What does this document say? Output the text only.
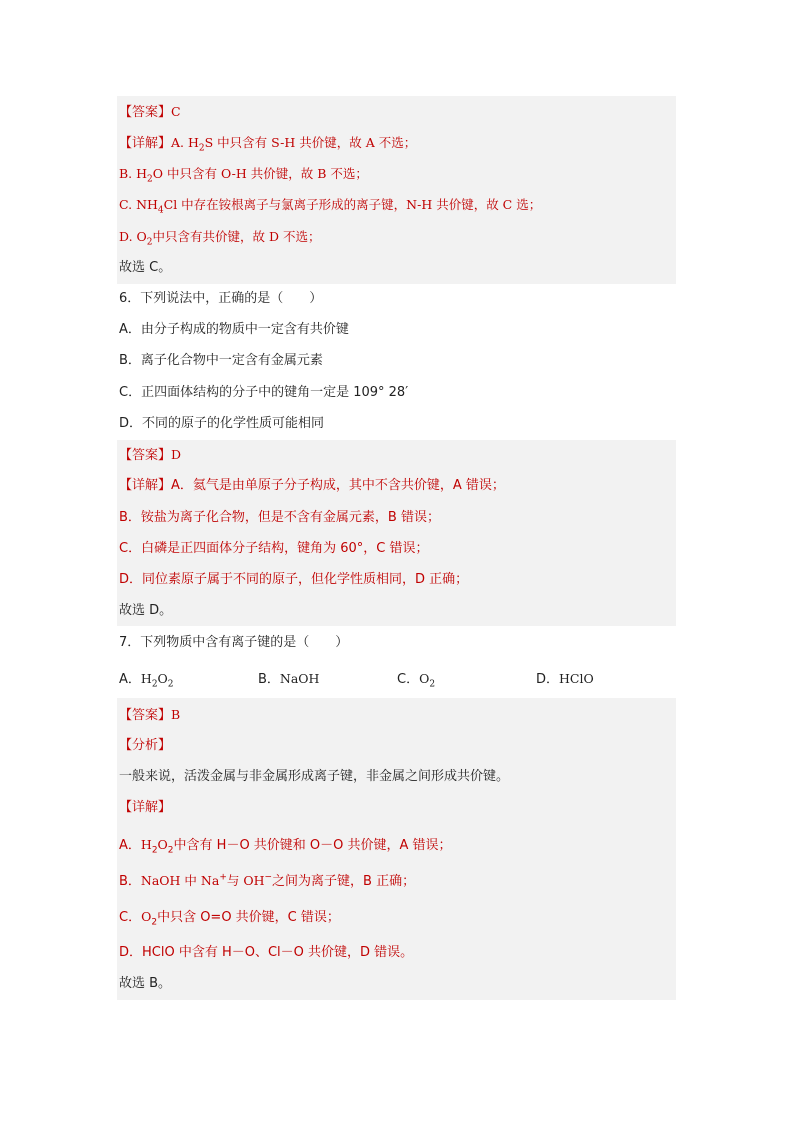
【答案】C
【详解】A. $H_2S$ 中只含有 S-H 共价键，故 A 不选；
B. $H_2O$ 中只含有 O-H 共价键，故 B 不选；
C. $NH_4Cl$ 中存在铵根离子与氯离子形成的离子键，N-H 共价键，故 C 选；
D. $O_2$中只含有共价键，故 D 不选；
故选 C。
6．下列说法中，正确的是（　　）
A．由分子构成的物质中一定含有共价键
B．离子化合物中一定含有金属元素
C．正四面体结构的分子中的键角一定是 109° 28′
D．不同的原子的化学性质可能相同
【答案】D
【详解】A．氦气是由单原子分子构成，其中不含共价键，A 错误；
B．铵盐为离子化合物，但是不含有金属元素，B 错误；
C．白磷是正四面体分子结构，键角为 60°，C 错误；
D．同位素原子属于不同的原子，但化学性质相同，D 正确；
故选 D。
7．下列物质中含有离子键的是（　　）
A．$H_2O_2$	B．NaOH	C．$O_2$	D．HClO
【答案】B
【分析】
一般来说，活泼金属与非金属形成离子键，非金属之间形成共价键。
【详解】
A．$H_2O_2$中含有 H－O 共价键和 O－O 共价键，A 错误；
B．NaOH 中 Na+与 OH−之间为离子键，B 正确；
C．$O_2$中只含 O=O 共价键，C 错误；
D．HClO 中含有 H－O、Cl－O 共价键，D 错误。
故选 B。
